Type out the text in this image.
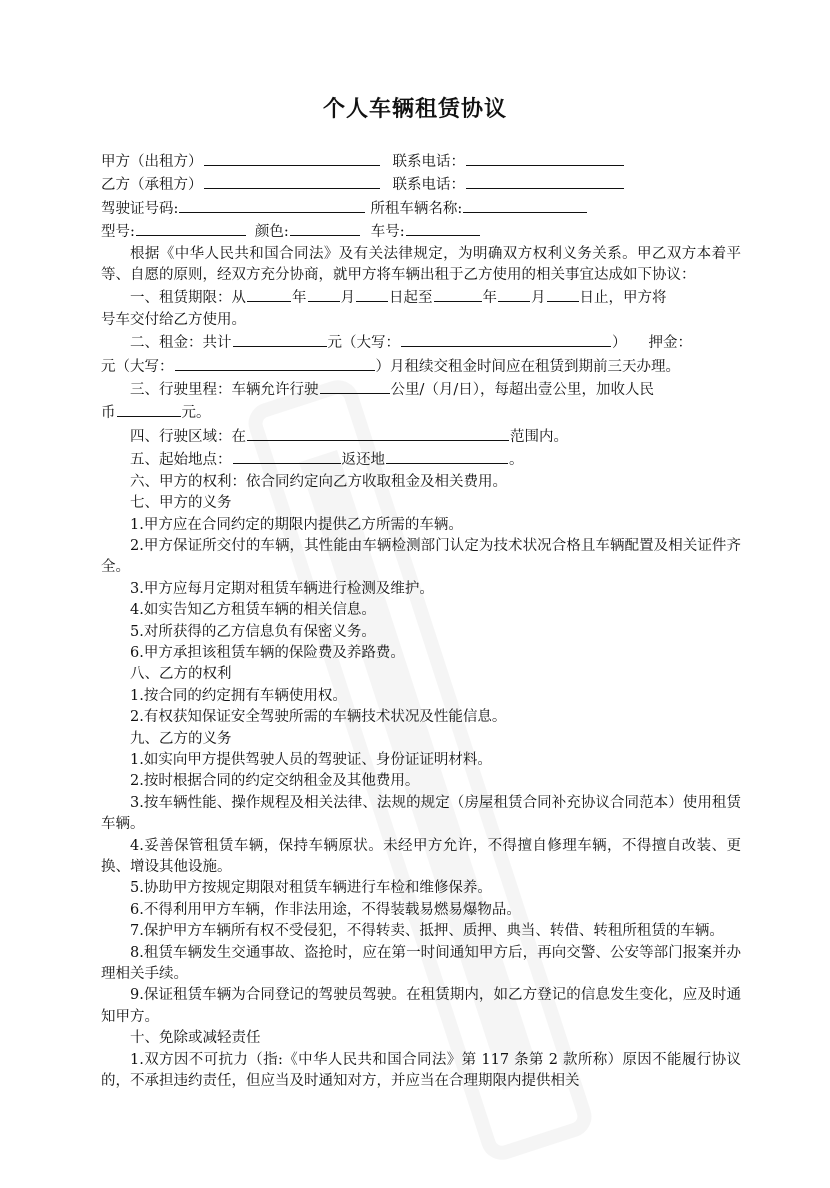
个人车辆租赁协议
甲方（出租方）	联系电话：
乙方（承租方）	联系电话：
驾驶证号码:	所租车辆名称:
型号:	颜色:	车号:
根据《中华人民共和国合同法》及有关法律规定，为明确双方权利义务关系。甲乙双方本着平等、自愿的原则，经双方充分协商，就甲方将车辆出租于乙方使用的相关事宜达成如下协议：
一、租赁期限：从	年 月 日起至	年 月 日止，甲方将
号车交付给乙方使用。
二、租金：共计	元（大写：	） 押金：
元（大写：	）月租续交租金时间应在租赁到期前三天办理。
三、行驶里程：车辆允许行驶	公里/（月/日），每超出壹公里，加收人民
币	元。
四、行驶区域：在	范围内。
五、起始地点：	返还地	。
六、甲方的权利：依合同约定向乙方收取租金及相关费用。
七、甲方的义务
1.甲方应在合同约定的期限内提供乙方所需的车辆。
2.甲方保证所交付的车辆，其性能由车辆检测部门认定为技术状况合格且车辆配置及相关证件齐全。
3.甲方应每月定期对租赁车辆进行检测及维护。
4.如实告知乙方租赁车辆的相关信息。
5.对所获得的乙方信息负有保密义务。
6.甲方承担该租赁车辆的保险费及养路费。
八、乙方的权利
1.按合同的约定拥有车辆使用权。
2.有权获知保证安全驾驶所需的车辆技术状况及性能信息。
九、乙方的义务
1.如实向甲方提供驾驶人员的驾驶证、身份证证明材料。
2.按时根据合同的约定交纳租金及其他费用。
3.按车辆性能、操作规程及相关法律、法规的规定（房屋租赁合同补充协议合同范本）使用租赁车辆。
4.妥善保管租赁车辆，保持车辆原状。未经甲方允许，不得擅自修理车辆，不得擅自改装、更换、增设其他设施。
5.协助甲方按规定期限对租赁车辆进行车检和维修保养。
6.不得利用甲方车辆，作非法用途，不得装载易燃易爆物品。
7.保护甲方车辆所有权不受侵犯，不得转卖、抵押、质押、典当、转借、转租所租赁的车辆。
8.租赁车辆发生交通事故、盗抢时，应在第一时间通知甲方后，再向交警、公安等部门报案并办理相关手续。
9.保证租赁车辆为合同登记的驾驶员驾驶。在租赁期内，如乙方登记的信息发生变化，应及时通知甲方。
十、免除或减轻责任
1.双方因不可抗力（指:《中华人民共和国合同法》第 117 条第 2 款所称）原因不能履行协议的，不承担违约责任，但应当及时通知对方，并应当在合理期限内提供相关
